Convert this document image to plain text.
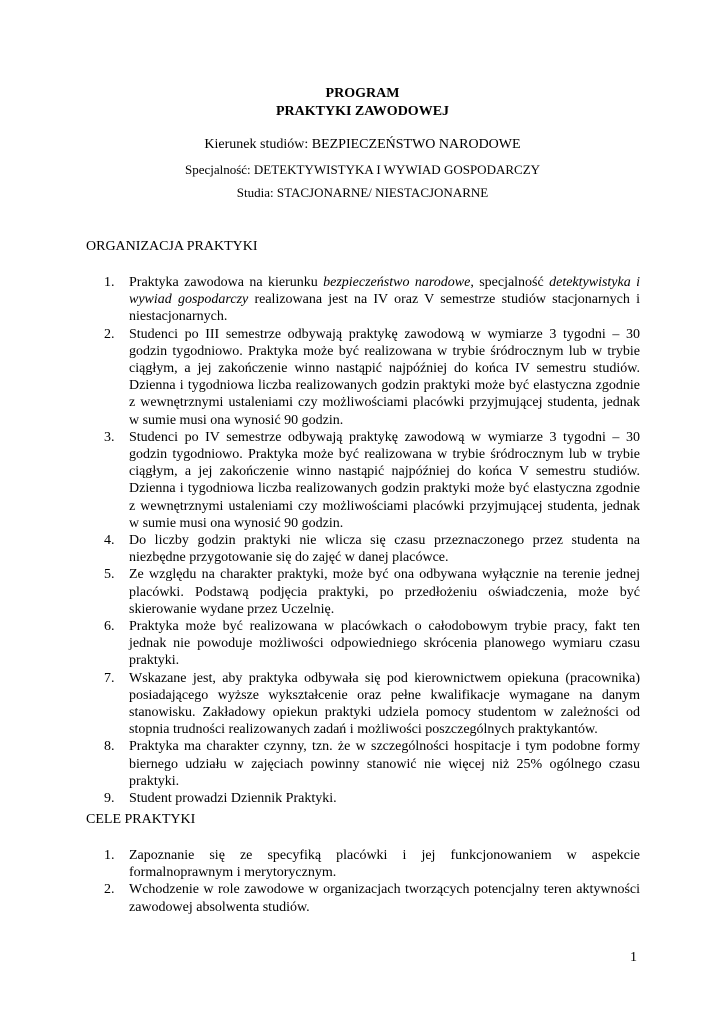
PROGRAM
PRAKTYKI ZAWODOWEJ
Kierunek studiów: BEZPIECZEŃSTWO NARODOWE
Specjalność: DETEKTYWISTYKA I WYWIAD GOSPODARCZY
Studia: STACJONARNE/ NIESTACJONARNE
ORGANIZACJA PRAKTYKI
1.	Praktyka zawodowa na kierunku bezpieczeństwo narodowe, specjalność detektywistyka i wywiad gospodarczy realizowana jest na IV oraz V semestrze studiów stacjonarnych i niestacjonarnych.
2.	Studenci po III semestrze odbywają praktykę zawodową w wymiarze 3 tygodni – 30 godzin tygodniowo. Praktyka może być realizowana w trybie śródrocznym lub w trybie ciągłym, a jej zakończenie winno nastąpić najpóźniej do końca IV semestru studiów. Dzienna i tygodniowa liczba realizowanych godzin praktyki może być elastyczna zgodnie z wewnętrznymi ustaleniami czy możliwościami placówki przyjmującej studenta, jednak w sumie musi ona wynosić 90 godzin.
3.	Studenci po IV semestrze odbywają praktykę zawodową w wymiarze 3 tygodni – 30 godzin tygodniowo. Praktyka może być realizowana w trybie śródrocznym lub w trybie ciągłym, a jej zakończenie winno nastąpić najpóźniej do końca V semestru studiów. Dzienna i tygodniowa liczba realizowanych godzin praktyki może być elastyczna zgodnie z wewnętrznymi ustaleniami czy możliwościami placówki przyjmującej studenta, jednak w sumie musi ona wynosić 90 godzin.
4.	Do liczby godzin praktyki nie wlicza się czasu przeznaczonego przez studenta na niezbędne przygotowanie się do zajęć w danej placówce.
5.	Ze względu na charakter praktyki, może być ona odbywana wyłącznie na terenie jednej placówki. Podstawą podjęcia praktyki, po przedłożeniu oświadczenia, może być skierowanie wydane przez Uczelnię.
6.	Praktyka może być realizowana w placówkach o całodobowym trybie pracy, fakt ten jednak nie powoduje możliwości odpowiedniego skrócenia planowego wymiaru czasu praktyki.
7.	Wskazane jest, aby praktyka odbywała się pod kierownictwem opiekuna (pracownika) posiadającego wyższe wykształcenie oraz pełne kwalifikacje wymagane na danym stanowisku. Zakładowy opiekun praktyki udziela pomocy studentom w zależności od stopnia trudności realizowanych zadań i możliwości poszczególnych praktykantów.
8.	Praktyka ma charakter czynny, tzn. że w szczególności hospitacje i tym podobne formy biernego udziału w zajęciach powinny stanowić nie więcej niż 25% ogólnego czasu praktyki.
9.	Student prowadzi Dziennik Praktyki.
CELE PRAKTYKI
1.	Zapoznanie się ze specyfiką placówki i jej funkcjonowaniem w aspekcie formalnoprawnym i merytorycznym.
2.	Wchodzenie w role zawodowe w organizacjach tworzących potencjalny teren aktywności zawodowej absolwenta studiów.
1
